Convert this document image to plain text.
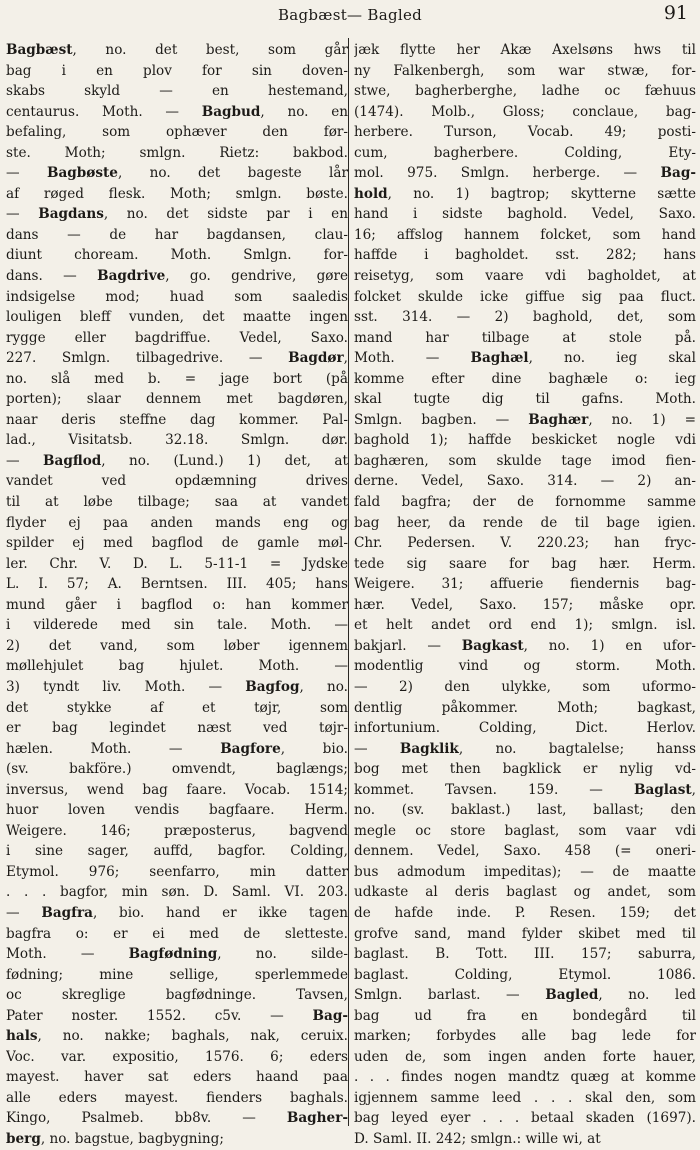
Bagbæst— Bagled	91
Bagbæst, no. det best, som går
bag i en plov for sin doven-
skabs skyld — en hestemand,
centaurus. Moth. — Bagbud, no. en
befaling, som ophæver den før-
ste. Moth; smlgn. Rietz: bakbod.
— Bagbøste, no. det bageste lår
af røged flesk. Moth; smlgn. bøste.
— Bagdans, no. det sidste par i en
dans — de har bagdansen, clau-
diunt choream. Moth. Smlgn. for-
dans. — Bagdrive, go. gendrive, gøre
indsigelse mod; huad som saaledis
louligen bleff vunden, det maatte ingen
rygge eller bagdriffue. Vedel, Saxo.
227. Smlgn. tilbagedrive. — Bagdør,
no. slå med b. = jage bort (på
porten); slaar dennem met bagdøren,
naar deris steffne dag kommer. Pal-
lad., Visitatsb. 32.18. Smlgn. dør.
— Bagflod, no. (Lund.) 1) det, at
vandet ved opdæmning drives
til at løbe tilbage; saa at vandet
flyder ej paa anden mands eng og
spilder ej med bagflod de gamle møl-
ler. Chr. V. D. L. 5-11-1 = Jydske
L. I. 57; A. Berntsen. III. 405; hans
mund gåer i bagflod o: han kommer
i vilderede med sin tale. Moth. —
2) det vand, som løber igennem
møllehjulet bag hjulet. Moth. —
3) tyndt liv. Moth. — Bagfog, no.
det stykke af et tøjr, som
er bag legindet næst ved tøjr-
hælen. Moth. — Bagfore, bio.
(sv. bakföre.) omvendt, baglængs;
inversus, wend bag faare. Vocab. 1514;
huor loven vendis bagfaare. Herm.
Weigere. 146; præposterus, bagvend
i sine sager, auffd, bagfor. Colding,
Etymol. 976; seenfarro, min datter
. . . bagfor, min søn. D. Saml. VI. 203.
— Bagfra, bio. hand er ikke tagen
bagfra o: er ei med de sletteste.
Moth. — Bagfødning, no. silde-
fødning; mine sellige, sperlemmede
oc skreglige bagfødninge. Tavsen,
Pater noster. 1552. c5v. — Bag-
hals, no. nakke; baghals, nak, ceruix.
Voc. var. expositio, 1576. 6; eders
mayest. haver sat eders haand paa
alle eders mayest. fienders baghals.
Kingo, Psalmeb. bb8v. — Bagher-
berg, no. bagstue, bagbygning;
jæk flytte her Akæ Axelsøns hws til
ny Falkenbergh, som war stwæ, for-
stwe, bagherberghe, ladhe oc fæhuus
(1474). Molb., Gloss; conclaue, bag-
herbere. Turson, Vocab. 49; posti-
cum, bagherbere. Colding, Ety-
mol. 975. Smlgn. herberge. — Bag-
hold, no. 1) bagtrop; skytterne sætte
hand i sidste baghold. Vedel, Saxo.
16; affslog hannem folcket, som hand
haffde i bagholdet. sst. 282; hans
reisetyg, som vaare vdi bagholdet, at
folcket skulde icke giffue sig paa fluct.
sst. 314. — 2) baghold, det, som
mand har tilbage at stole på.
Moth. — Baghæl, no. ieg skal
komme efter dine baghæle o: ieg
skal tugte dig til gafns. Moth.
Smlgn. bagben. — Baghær, no. 1) =
baghold 1); haffde beskicket nogle vdi
baghæren, som skulde tage imod fien-
derne. Vedel, Saxo. 314. — 2) an-
fald bagfra; der de fornomme samme
bag heer, da rende de til bage igien.
Chr. Pedersen. V. 220.23; han fryc-
tede sig saare for bag hær. Herm.
Weigere. 31; affuerie fiendernis bag-
hær. Vedel, Saxo. 157; måske opr.
et helt andet ord end 1); smlgn. isl.
bakjarl. — Bagkast, no. 1) en ufor-
modentlig vind og storm. Moth.
— 2) den ulykke, som uformo-
dentlig påkommer. Moth; bagkast,
infortunium. Colding, Dict. Herlov.
— Bagklik, no. bagtalelse; hanss
bog met then bagklick er nylig vd-
kommet. Tavsen. 159. — Baglast,
no. (sv. baklast.) last, ballast; den
megle oc store baglast, som vaar vdi
dennem. Vedel, Saxo. 458 (= oneri-
bus admodum impeditas); — de maatte
udkaste al deris baglast og andet, som
de hafde inde. P. Resen. 159; det
grofve sand, mand fylder skibet med til
baglast. B. Tott. III. 157; saburra,
baglast. Colding, Etymol. 1086.
Smlgn. barlast. — Bagled, no. led
bag ud fra en bondegård til
marken; forbydes alle bag lede for
uden de, som ingen anden forte hauer,
. . . findes nogen mandtz quæg at komme
igjennem samme leed . . . skal den, som
bag leyed eyer . . . betaal skaden (1697).
D. Saml. II. 242; smlgn.: wille wi, at
